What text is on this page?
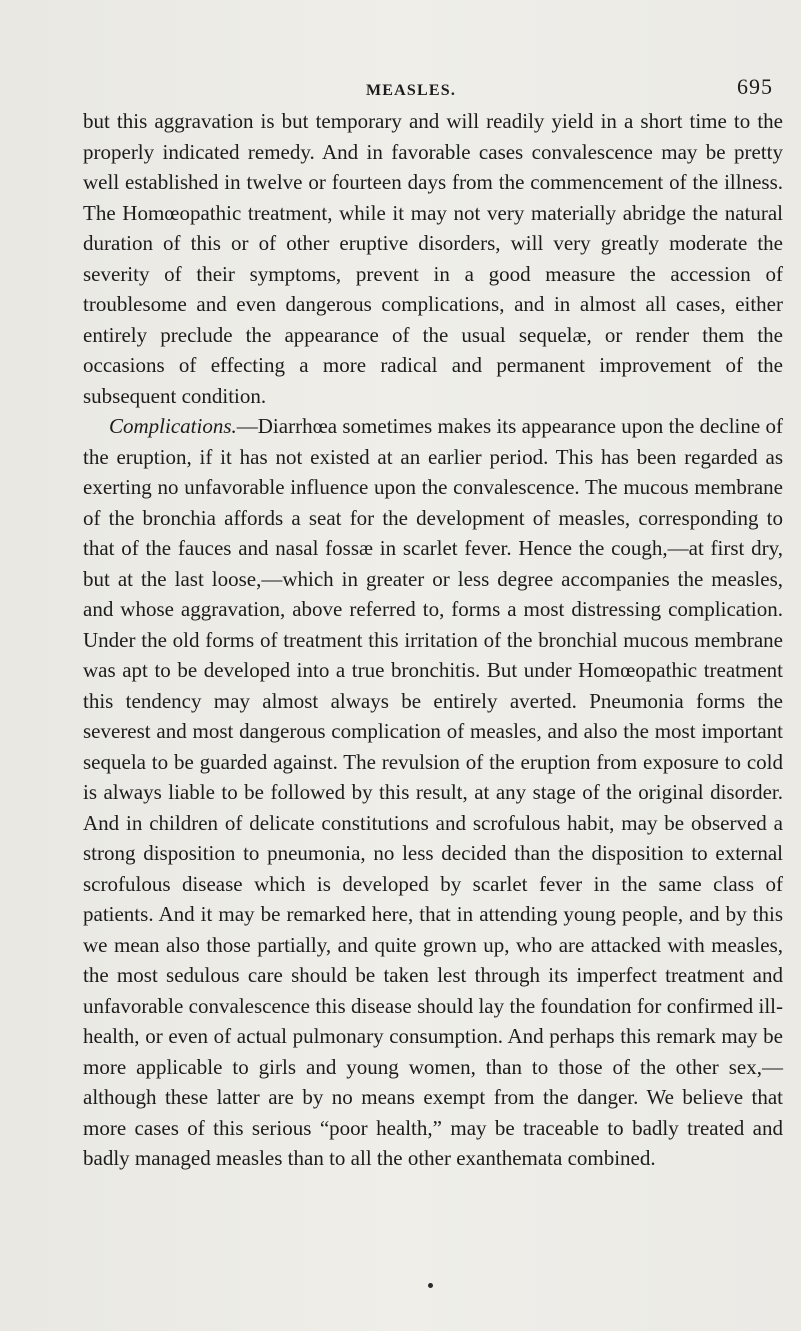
MEASLES.	695

but this aggravation is but temporary and will readily yield in a short time to the properly indicated remedy. And in favorable cases convalescence may be pretty well established in twelve or fourteen days from the commencement of the illness. The Homœopathic treatment, while it may not very materially abridge the natural duration of this or of other eruptive disorders, will very greatly moderate the severity of their symptoms, prevent in a good measure the accession of troublesome and even dangerous complications, and in almost all cases, either entirely preclude the appearance of the usual sequelæ, or render them the occasions of effecting a more radical and permanent improvement of the subsequent condition.

Complications.—Diarrhœa sometimes makes its appearance upon the decline of the eruption, if it has not existed at an earlier period. This has been regarded as exerting no unfavorable influence upon the convalescence. The mucous membrane of the bronchia affords a seat for the development of measles, corresponding to that of the fauces and nasal fossæ in scarlet fever. Hence the cough,—at first dry, but at the last loose,—which in greater or less degree accompanies the measles, and whose aggravation, above referred to, forms a most distressing complication. Under the old forms of treatment this irritation of the bronchial mucous membrane was apt to be developed into a true bronchitis. But under Homœopathic treatment this tendency may almost always be entirely averted. Pneumonia forms the severest and most dangerous complication of measles, and also the most important sequela to be guarded against. The revulsion of the eruption from exposure to cold is always liable to be followed by this result, at any stage of the original disorder. And in children of delicate constitutions and scrofulous habit, may be observed a strong disposition to pneumonia, no less decided than the disposition to external scrofulous disease which is developed by scarlet fever in the same class of patients. And it may be remarked here, that in attending young people, and by this we mean also those partially, and quite grown up, who are attacked with measles, the most sedulous care should be taken lest through its imperfect treatment and unfavorable convalescence this disease should lay the foundation for confirmed ill-health, or even of actual pulmonary consumption. And perhaps this remark may be more applicable to girls and young women, than to those of the other sex,—although these latter are by no means exempt from the danger. We believe that more cases of this serious “poor health,” may be traceable to badly treated and badly managed measles than to all the other exanthemata combined.
